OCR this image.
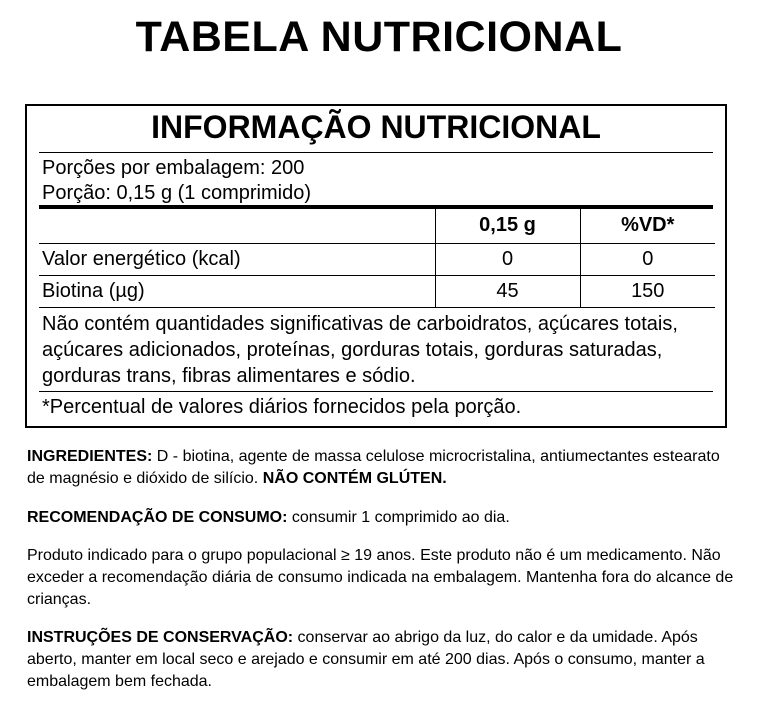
TABELA NUTRICIONAL
INFORMAÇÃO NUTRICIONAL
Porções por embalagem: 200
Porção: 0,15 g (1 comprimido)
	0,15 g	%VD*
Valor energético (kcal)	0	0
Biotina (µg)	45	150
Não contém quantidades significativas de carboidratos, açúcares totais, açúcares adicionados, proteínas, gorduras totais, gorduras saturadas, gorduras trans, fibras alimentares e sódio.
*Percentual de valores diários fornecidos pela porção.

INGREDIENTES: D - biotina, agente de massa celulose microcristalina, antiumectantes estearato de magnésio e dióxido de silício. NÃO CONTÉM GLÚTEN.

RECOMENDAÇÃO DE CONSUMO: consumir 1 comprimido ao dia.

Produto indicado para o grupo populacional ≥ 19 anos. Este produto não é um medicamento. Não exceder a recomendação diária de consumo indicada na embalagem. Mantenha fora do alcance de crianças.

INSTRUÇÕES DE CONSERVAÇÃO: conservar ao abrigo da luz, do calor e da umidade. Após aberto, manter em local seco e arejado e consumir em até 200 dias. Após o consumo, manter a embalagem bem fechada.
